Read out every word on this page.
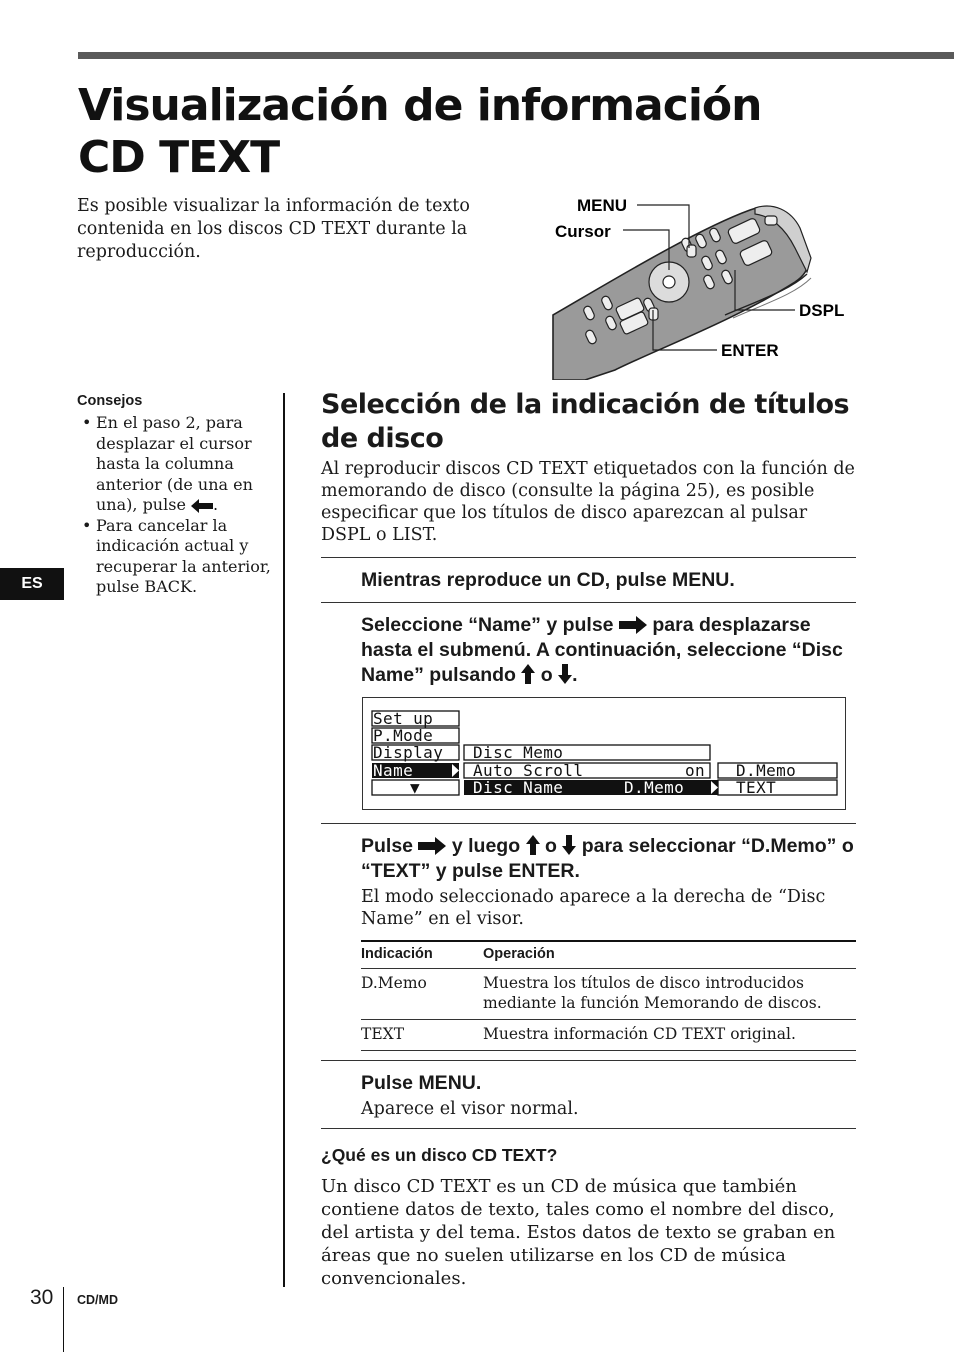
Visualización de información
CD TEXT
Es posible visualizar la información de texto contenida en los discos CD TEXT durante la reproducción.
MENU
Cursor
DSPL
ENTER
Consejos
• En el paso 2, para desplazar el cursor hasta la columna anterior (de una en una), pulse .
• Para cancelar la indicación actual y recuperar la anterior, pulse BACK.
ES
Selección de la indicación de títulos de disco
Al reproducir discos CD TEXT etiquetados con la función de memorando de disco (consulte la página 25), es posible especificar que los títulos de disco aparezcan al pulsar DSPL o LIST.
Mientras reproduce un CD, pulse MENU.
Seleccione “Name” y pulse para desplazarse hasta el submenú. A continuación, seleccione “Disc Name” pulsando o .
Set up
P.Mode
Display
Name
▼
Disc Memo
Auto Scroll	on
Disc Name	D.Memo
D.Memo
TEXT
Pulse y luego o para seleccionar “D.Memo” o “TEXT” y pulse ENTER.
El modo seleccionado aparece a la derecha de “Disc Name” en el visor.
Indicación	Operación
D.Memo	Muestra los títulos de disco introducidos mediante la función Memorando de discos.
TEXT	Muestra información CD TEXT original.
Pulse MENU.
Aparece el visor normal.
¿Qué es un disco CD TEXT?
Un disco CD TEXT es un CD de música que también contiene datos de texto, tales como el nombre del disco, del artista y del tema. Estos datos de texto se graban en áreas que no suelen utilizarse en los CD de música convencionales.
30 CD/MD
